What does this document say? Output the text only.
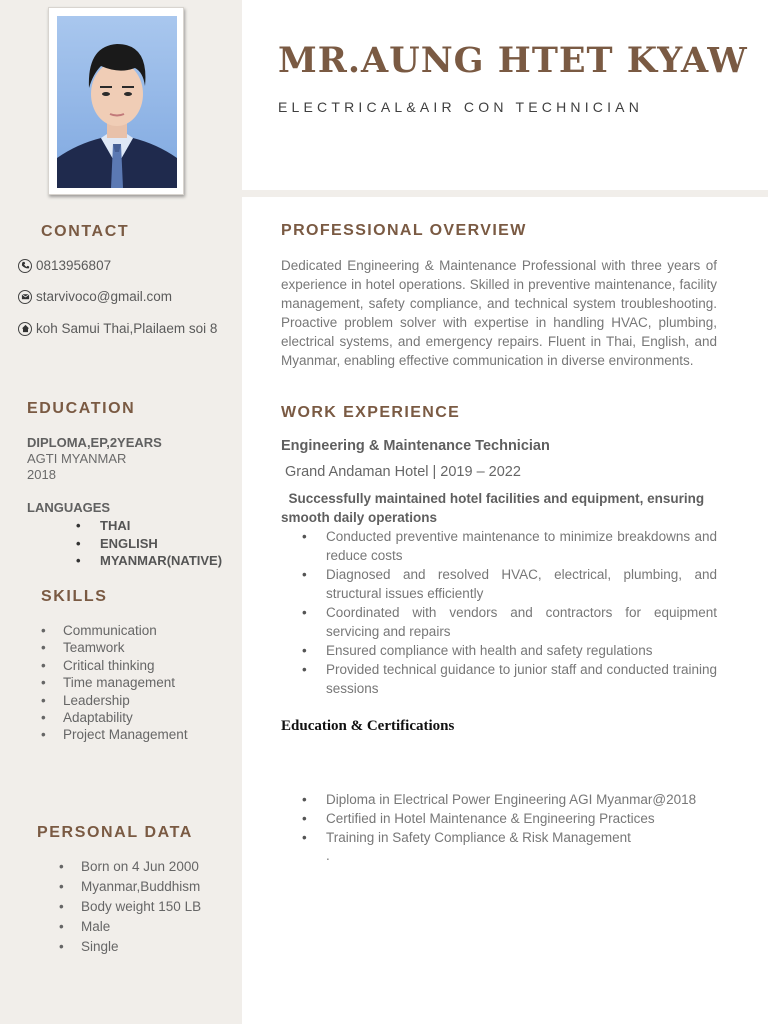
MR.AUNG HTET KYAW
ELECTRICAL&AIR CON TECHNICIAN
CONTACT
0813956807
starvivoco@gmail.com
koh Samui Thai,Plailaem soi 8
EDUCATION
DIPLOMA,EP,2YEARS
AGTI MYANMAR
2018
LANGUAGES
• THAI
• ENGLISH
• MYANMAR(NATIVE)
SKILLS
• Communication
• Teamwork
• Critical thinking
• Time management
• Leadership
• Adaptability
• Project Management
PERSONAL DATA
• Born on 4 Jun 2000
• Myanmar,Buddhism
• Body weight 150 LB
• Male
• Single
PROFESSIONAL OVERVIEW
Dedicated Engineering & Maintenance Professional with three years of experience in hotel operations. Skilled in preventive maintenance, facility management, safety compliance, and technical system troubleshooting. Proactive problem solver with expertise in handling HVAC, plumbing, electrical systems, and emergency repairs. Fluent in Thai, English, and Myanmar, enabling effective communication in diverse environments.
WORK EXPERIENCE
Engineering & Maintenance Technician
Grand Andaman Hotel | 2019 – 2022
Successfully maintained hotel facilities and equipment, ensuring smooth daily operations
• Conducted preventive maintenance to minimize breakdowns and reduce costs
• Diagnosed and resolved HVAC, electrical, plumbing, and structural issues efficiently
• Coordinated with vendors and contractors for equipment servicing and repairs
• Ensured compliance with health and safety regulations
• Provided technical guidance to junior staff and conducted training sessions
Education & Certifications
• Diploma in Electrical Power Engineering AGI Myanmar@2018
• Certified in Hotel Maintenance & Engineering Practices
• Training in Safety Compliance & Risk Management
.
